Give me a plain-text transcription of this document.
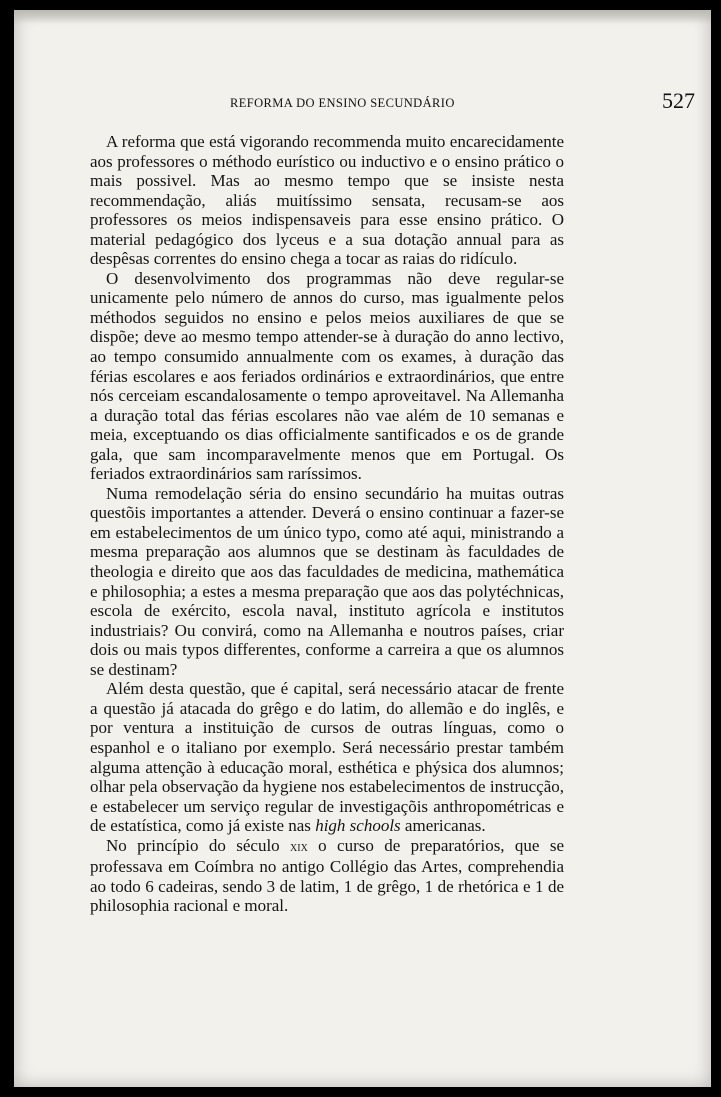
REFORMA DO ENSINO SECUNDÁRIO	527

A reforma que está vigorando recommenda muito encarecidamente aos professores o méthodo eurístico ou inductivo e o ensino prático o mais possivel. Mas ao mesmo tempo que se insiste nesta recommendação, aliás muitíssimo sensata, recusam-se aos professores os meios indispensaveis para esse ensino prático. O material pedagógico dos lyceus e a sua dotação annual para as despêsas correntes do ensino chega a tocar as raias do ridículo.

O desenvolvimento dos programmas não deve regular-se unicamente pelo número de annos do curso, mas igualmente pelos méthodos seguidos no ensino e pelos meios auxiliares de que se dispõe; deve ao mesmo tempo attender-se à duração do anno lectivo, ao tempo consumido annualmente com os exames, à duração das férias escolares e aos feriados ordinários e extraordinários, que entre nós cerceiam escandalosamente o tempo aproveitavel. Na Allemanha a duração total das férias escolares não vae além de 10 semanas e meia, exceptuando os dias officialmente santificados e os de grande gala, que sam incomparavelmente menos que em Portugal. Os feriados extraordinários sam raríssimos.

Numa remodelação séria do ensino secundário ha muitas outras questõis importantes a attender. Deverá o ensino continuar a fazer-se em estabelecimentos de um único typo, como até aqui, ministrando a mesma preparação aos alumnos que se destinam às faculdades de theologia e direito que aos das faculdades de medicina, mathemática e philosophia; a estes a mesma preparação que aos das polytéchnicas, escola de exército, escola naval, instituto agrícola e institutos industriais? Ou convirá, como na Allemanha e noutros países, criar dois ou mais typos differentes, conforme a carreira a que os alumnos se destinam?

Além desta questão, que é capital, será necessário atacar de frente a questão já atacada do grêgo e do latim, do allemão e do inglês, e por ventura a instituição de cursos de outras línguas, como o espanhol e o italiano por exemplo. Será necessário prestar também alguma attenção à educação moral, esthética e phýsica dos alumnos; olhar pela observação da hygiene nos estabelecimentos de instrucção, e estabelecer um serviço regular de investigaçõis anthropométricas e de estatística, como já existe nas high schools americanas.

No princípio do século xix o curso de preparatórios, que se professava em Coímbra no antigo Collégio das Artes, comprehendia ao todo 6 cadeiras, sendo 3 de latim, 1 de grêgo, 1 de rhetórica e 1 de philosophia racional e moral.
